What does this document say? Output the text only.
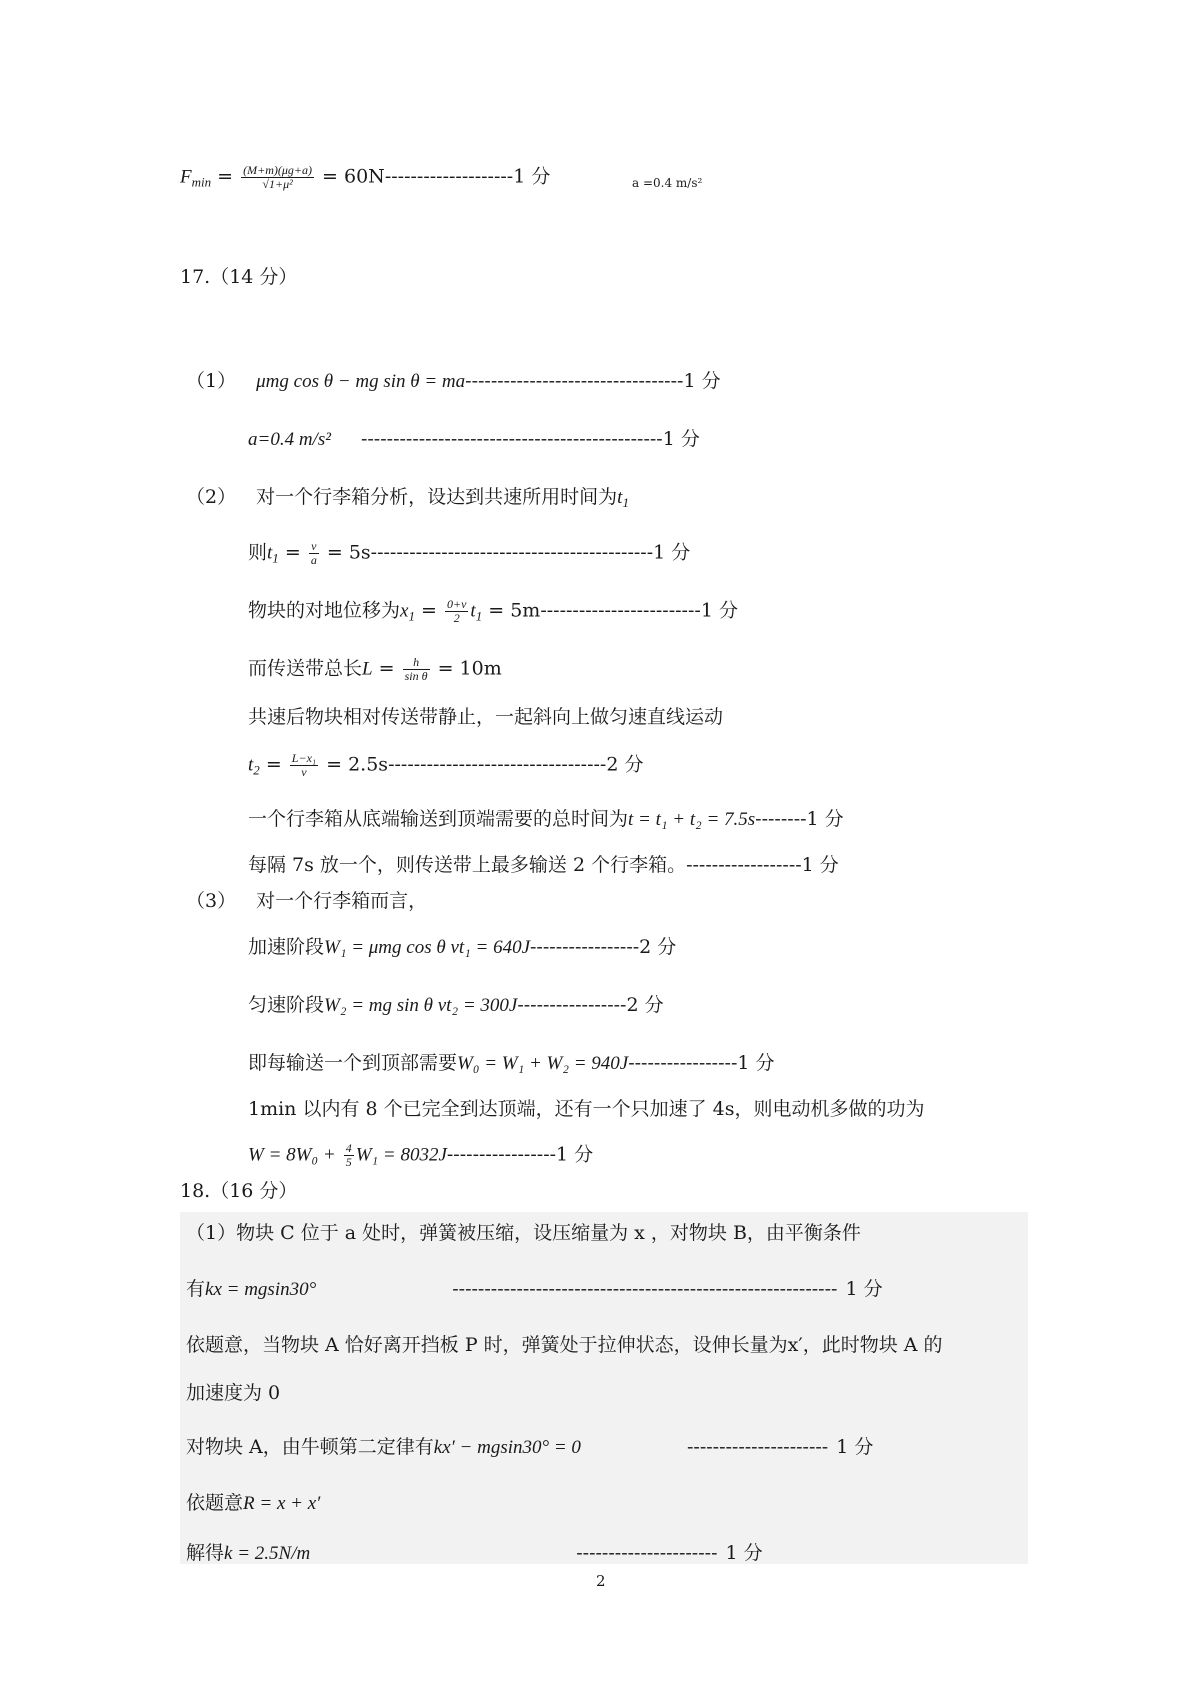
$F_{min} = \frac{(M+m)(\mu g+a)}{\text{√1+μ²}} = 60N--------------------1$ 分	a =0.4 m/s²
17.（14 分）
（1） μmg cos θ − mg sin θ = ma----------------------------------1 分
a=0.4 m/s² -----------------------------------------------1 分
（2） 对一个行李箱分析，设达到共速所用时间为$t_1$
则$t_1 = \frac{v}{a} = 5s--------------------------------------------1$ 分
物块的对地位移为$x_1 = \frac{0+v}{2} t_1 = 5m-------------------------1$ 分
而传送带总长$L = \frac{h}{\text{sin θ}} = 10m$
共速后物块相对传送带静止，一起斜向上做匀速直线运动
$t_2 = \frac{\text{L−x₁}}{v} = 2.5s----------------------------------2$ 分
一个行李箱从底端输送到顶端需要的总时间为t = t₁ + t₂ = 7.5s--------1 分
每隔 7s 放一个，则传送带上最多输送 2 个行李箱。------------------1 分
（3） 对一个行李箱而言，
加速阶段W₁ = μmg cos θ vt₁ = 640J-----------------2 分
匀速阶段W₂ = mg sin θ vt₂ = 300J-----------------2 分
即每输送一个到顶部需要W₀ = W₁ + W₂ = 940J-----------------1 分
1min 以内有 8 个已完全到达顶端，还有一个只加速了 4s，则电动机多做的功为
$W = 8W_0 + \frac{4}{5} W_1 = 8032J-----------------1$ 分
18.（16 分）
（1）物块 C 位于 a 处时，弹簧被压缩，设压缩量为 x ，对物块 B，由平衡条件
有kx = mgsin30°	------------------------------------------------------------ 1 分
依题意，当物块 A 恰好离开挡板 P 时，弹簧处于拉伸状态，设伸长量为x′，此时物块 A 的
加速度为 0
对物块 A，由牛顿第二定律有kx′ − mgsin30° = 0	---------------------- 1 分
依题意R = x + x′
解得k = 2.5N/m	---------------------- 1 分
2
